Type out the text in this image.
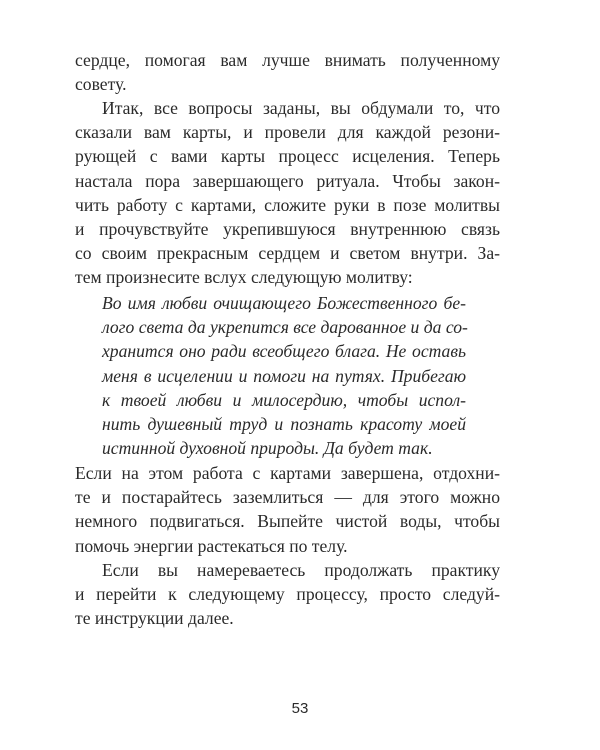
сердце, помогая вам лучше внимать полученному
совету.
Итак, все вопросы заданы, вы обдумали то, что
сказали вам карты, и провели для каждой резони-
рующей с вами карты процесс исцеления. Теперь
настала пора завершающего ритуала. Чтобы закон-
чить работу с картами, сложите руки в позе молитвы
и прочувствуйте укрепившуюся внутреннюю связь
со своим прекрасным сердцем и светом внутри. За-
тем произнесите вслух следующую молитву:
Во имя любви очищающего Божественного бе-
лого света да укрепится все дарованное и да со-
хранится оно ради всеобщего блага. Не оставь
меня в исцелении и помоги на путях. Прибегаю
к твоей любви и милосердию, чтобы испол-
нить душевный труд и познать красоту моей
истинной духовной природы. Да будет так.
Если на этом работа с картами завершена, отдохни-
те и постарайтесь заземлиться — для этого можно
немного подвигаться. Выпейте чистой воды, чтобы
помочь энергии растекаться по телу.
Если вы намереваетесь продолжать практику
и перейти к следующему процессу, просто следуй-
те инструкции далее.
53
